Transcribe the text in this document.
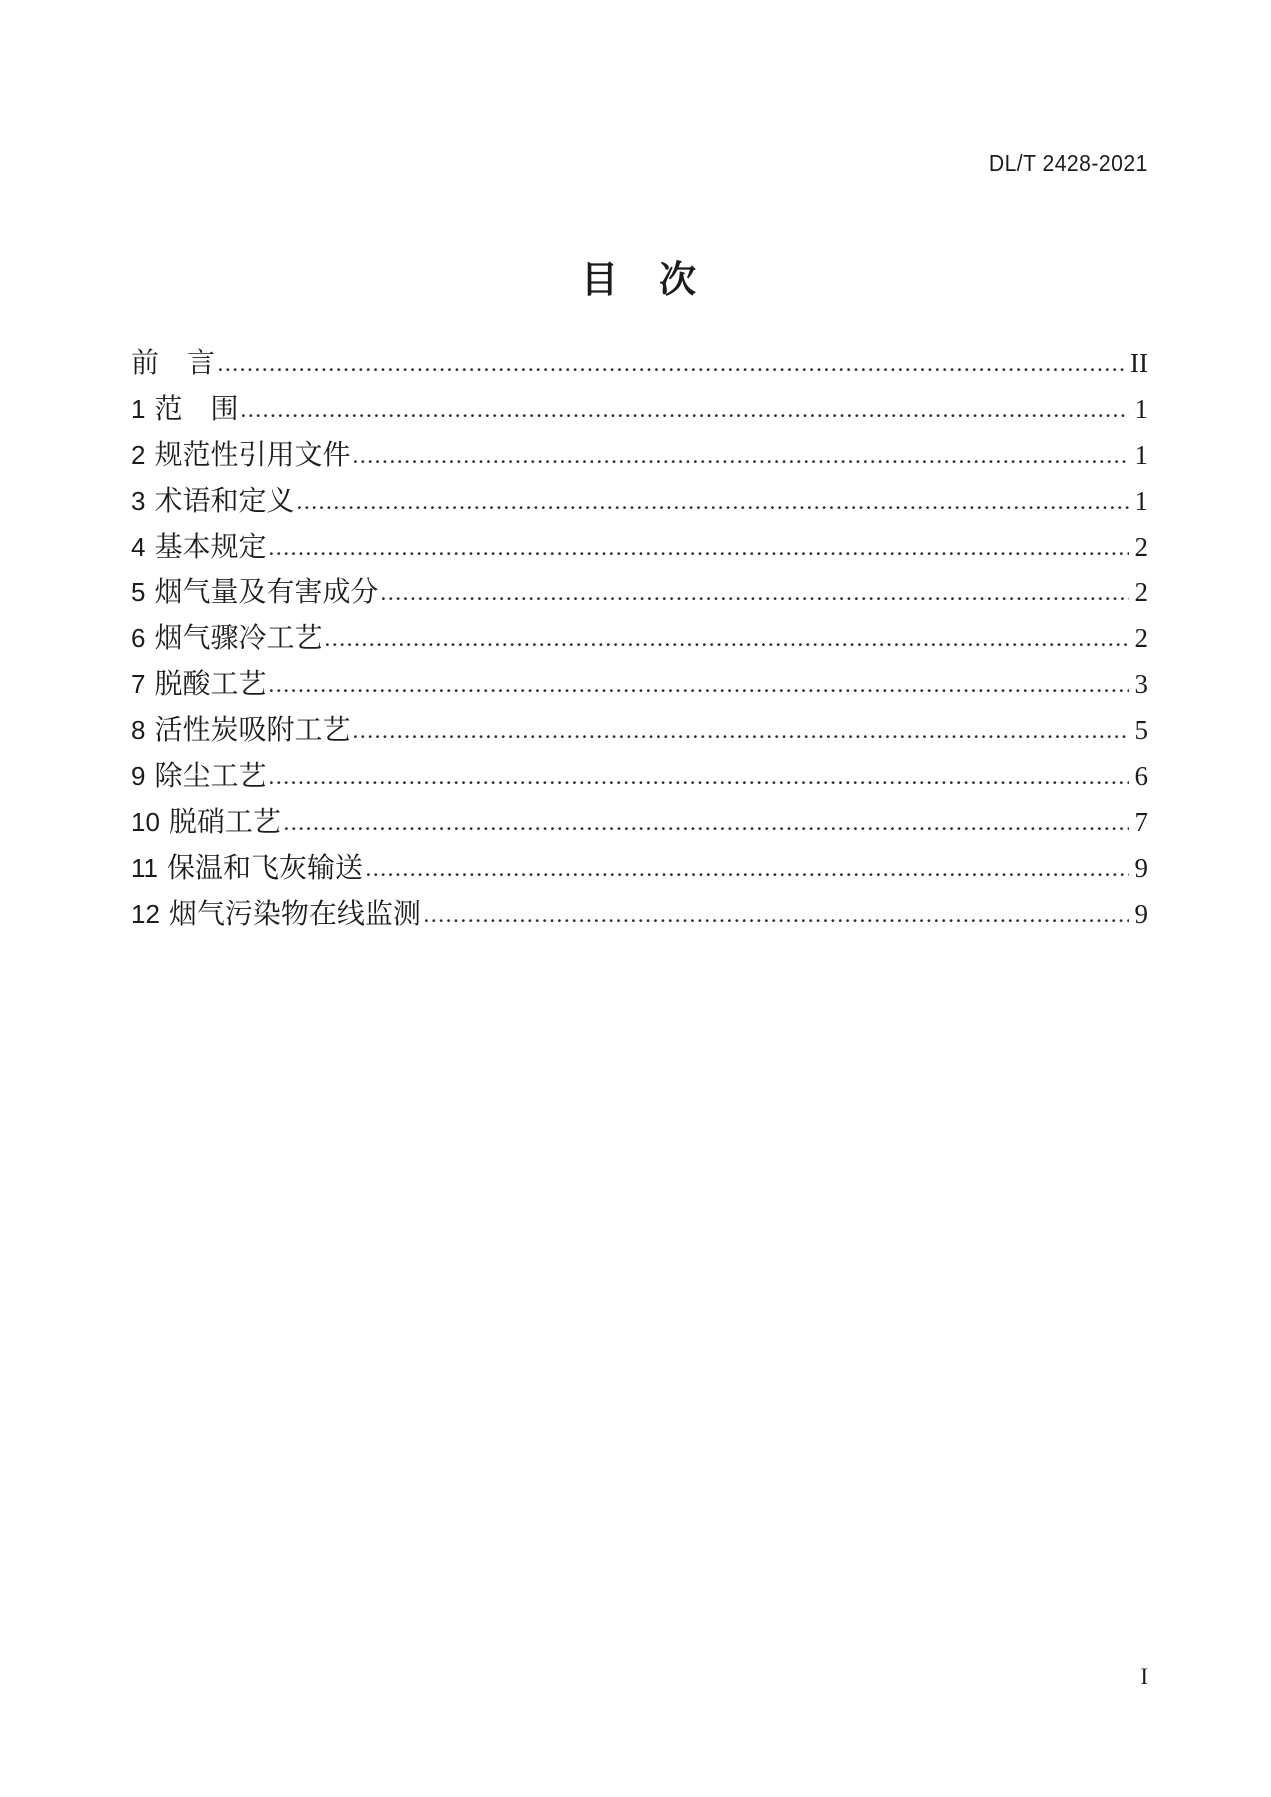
DL/T 2428-2021
目　次
前　言	II
1 范　围	1
2 规范性引用文件	1
3 术语和定义	1
4 基本规定	2
5 烟气量及有害成分	2
6 烟气骤冷工艺	2
7 脱酸工艺	3
8 活性炭吸附工艺	5
9 除尘工艺	6
10 脱硝工艺	7
11 保温和飞灰输送	9
12 烟气污染物在线监测	9
I
